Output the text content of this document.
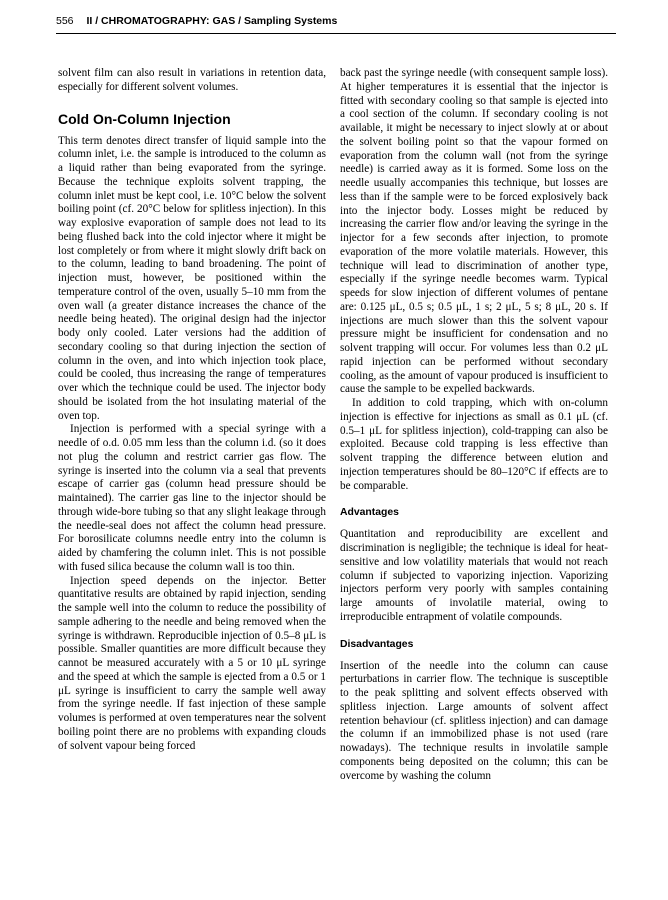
556 II / CHROMATOGRAPHY: GAS / Sampling Systems

solvent film can also result in variations in retention data, especially for different solvent volumes.

Cold On-Column Injection

This term denotes direct transfer of liquid sample into the column inlet, i.e. the sample is introduced to the column as a liquid rather than being evaporated from the syringe. Because the technique exploits solvent trapping, the column inlet must be kept cool, i.e. 10°C below the solvent boiling point (cf. 20°C below for splitless injection). In this way explosive evaporation of sample does not lead to its being flushed back into the cold injector where it might be lost completely or from where it might slowly drift back on to the column, leading to band broadening. The point of injection must, however, be positioned within the temperature control of the oven, usually 5–10 mm from the oven wall (a greater distance increases the chance of the needle being heated). The original design had the injector body only cooled. Later versions had the addition of secondary cooling so that during injection the section of column in the oven, and into which injection took place, could be cooled, thus increasing the range of temperatures over which the technique could be used. The injector body should be isolated from the hot insulating material of the oven top.

Injection is performed with a special syringe with a needle of o.d. 0.05 mm less than the column i.d. (so it does not plug the column and restrict carrier gas flow. The syringe is inserted into the column via a seal that prevents escape of carrier gas (column head pressure should be maintained). The carrier gas line to the injector should be through wide-bore tubing so that any slight leakage through the needle-seal does not affect the column head pressure. For borosilicate columns needle entry into the column is aided by chamfering the column inlet. This is not possible with fused silica because the column wall is too thin.

Injection speed depends on the injector. Better quantitative results are obtained by rapid injection, sending the sample well into the column to reduce the possibility of sample adhering to the needle and being removed when the syringe is withdrawn. Reproducible injection of 0.5–8 μL is possible. Smaller quantities are more difficult because they cannot be measured accurately with a 5 or 10 μL syringe and the speed at which the sample is ejected from a 0.5 or 1 μL syringe is insufficient to carry the sample well away from the syringe needle. If fast injection of these sample volumes is performed at oven temperatures near the solvent boiling point there are no problems with expanding clouds of solvent vapour being forced

back past the syringe needle (with consequent sample loss). At higher temperatures it is essential that the injector is fitted with secondary cooling so that sample is ejected into a cool section of the column. If secondary cooling is not available, it might be necessary to inject slowly at or about the solvent boiling point so that the vapour formed on evaporation from the column wall (not from the syringe needle) is carried away as it is formed. Some loss on the needle usually accompanies this technique, but losses are less than if the sample were to be forced explosively back into the injector body. Losses might be reduced by increasing the carrier flow and/or leaving the syringe in the injector for a few seconds after injection, to promote evaporation of the more volatile materials. However, this technique will lead to discrimination of another type, especially if the syringe needle becomes warm. Typical speeds for slow injection of different volumes of pentane are: 0.125 μL, 0.5 s; 0.5 μL, 1 s; 2 μL, 5 s; 8 μL, 20 s. If injections are much slower than this the solvent vapour pressure might be insufficient for condensation and no solvent trapping will occur. For volumes less than 0.2 μL rapid injection can be performed without secondary cooling, as the amount of vapour produced is insufficient to cause the sample to be expelled backwards.

In addition to cold trapping, which with on-column injection is effective for injections as small as 0.1 μL (cf. 0.5–1 μL for splitless injection), cold-trapping can also be exploited. Because cold trapping is less effective than solvent trapping the difference between elution and injection temperatures should be 80–120°C if effects are to be comparable.

Advantages

Quantitation and reproducibility are excellent and discrimination is negligible; the technique is ideal for heat-sensitive and low volatility materials that would not reach column if subjected to vaporizing injection. Vaporizing injectors perform very poorly with samples containing large amounts of involatile material, owing to irreproducible entrapment of volatile compounds.

Disadvantages

Insertion of the needle into the column can cause perturbations in carrier flow. The technique is susceptible to the peak splitting and solvent effects observed with splitless injection. Large amounts of solvent affect retention behaviour (cf. splitless injection) and can damage the column if an immobilized phase is not used (rare nowadays). The technique results in involatile sample components being deposited on the column; this can be overcome by washing the column
